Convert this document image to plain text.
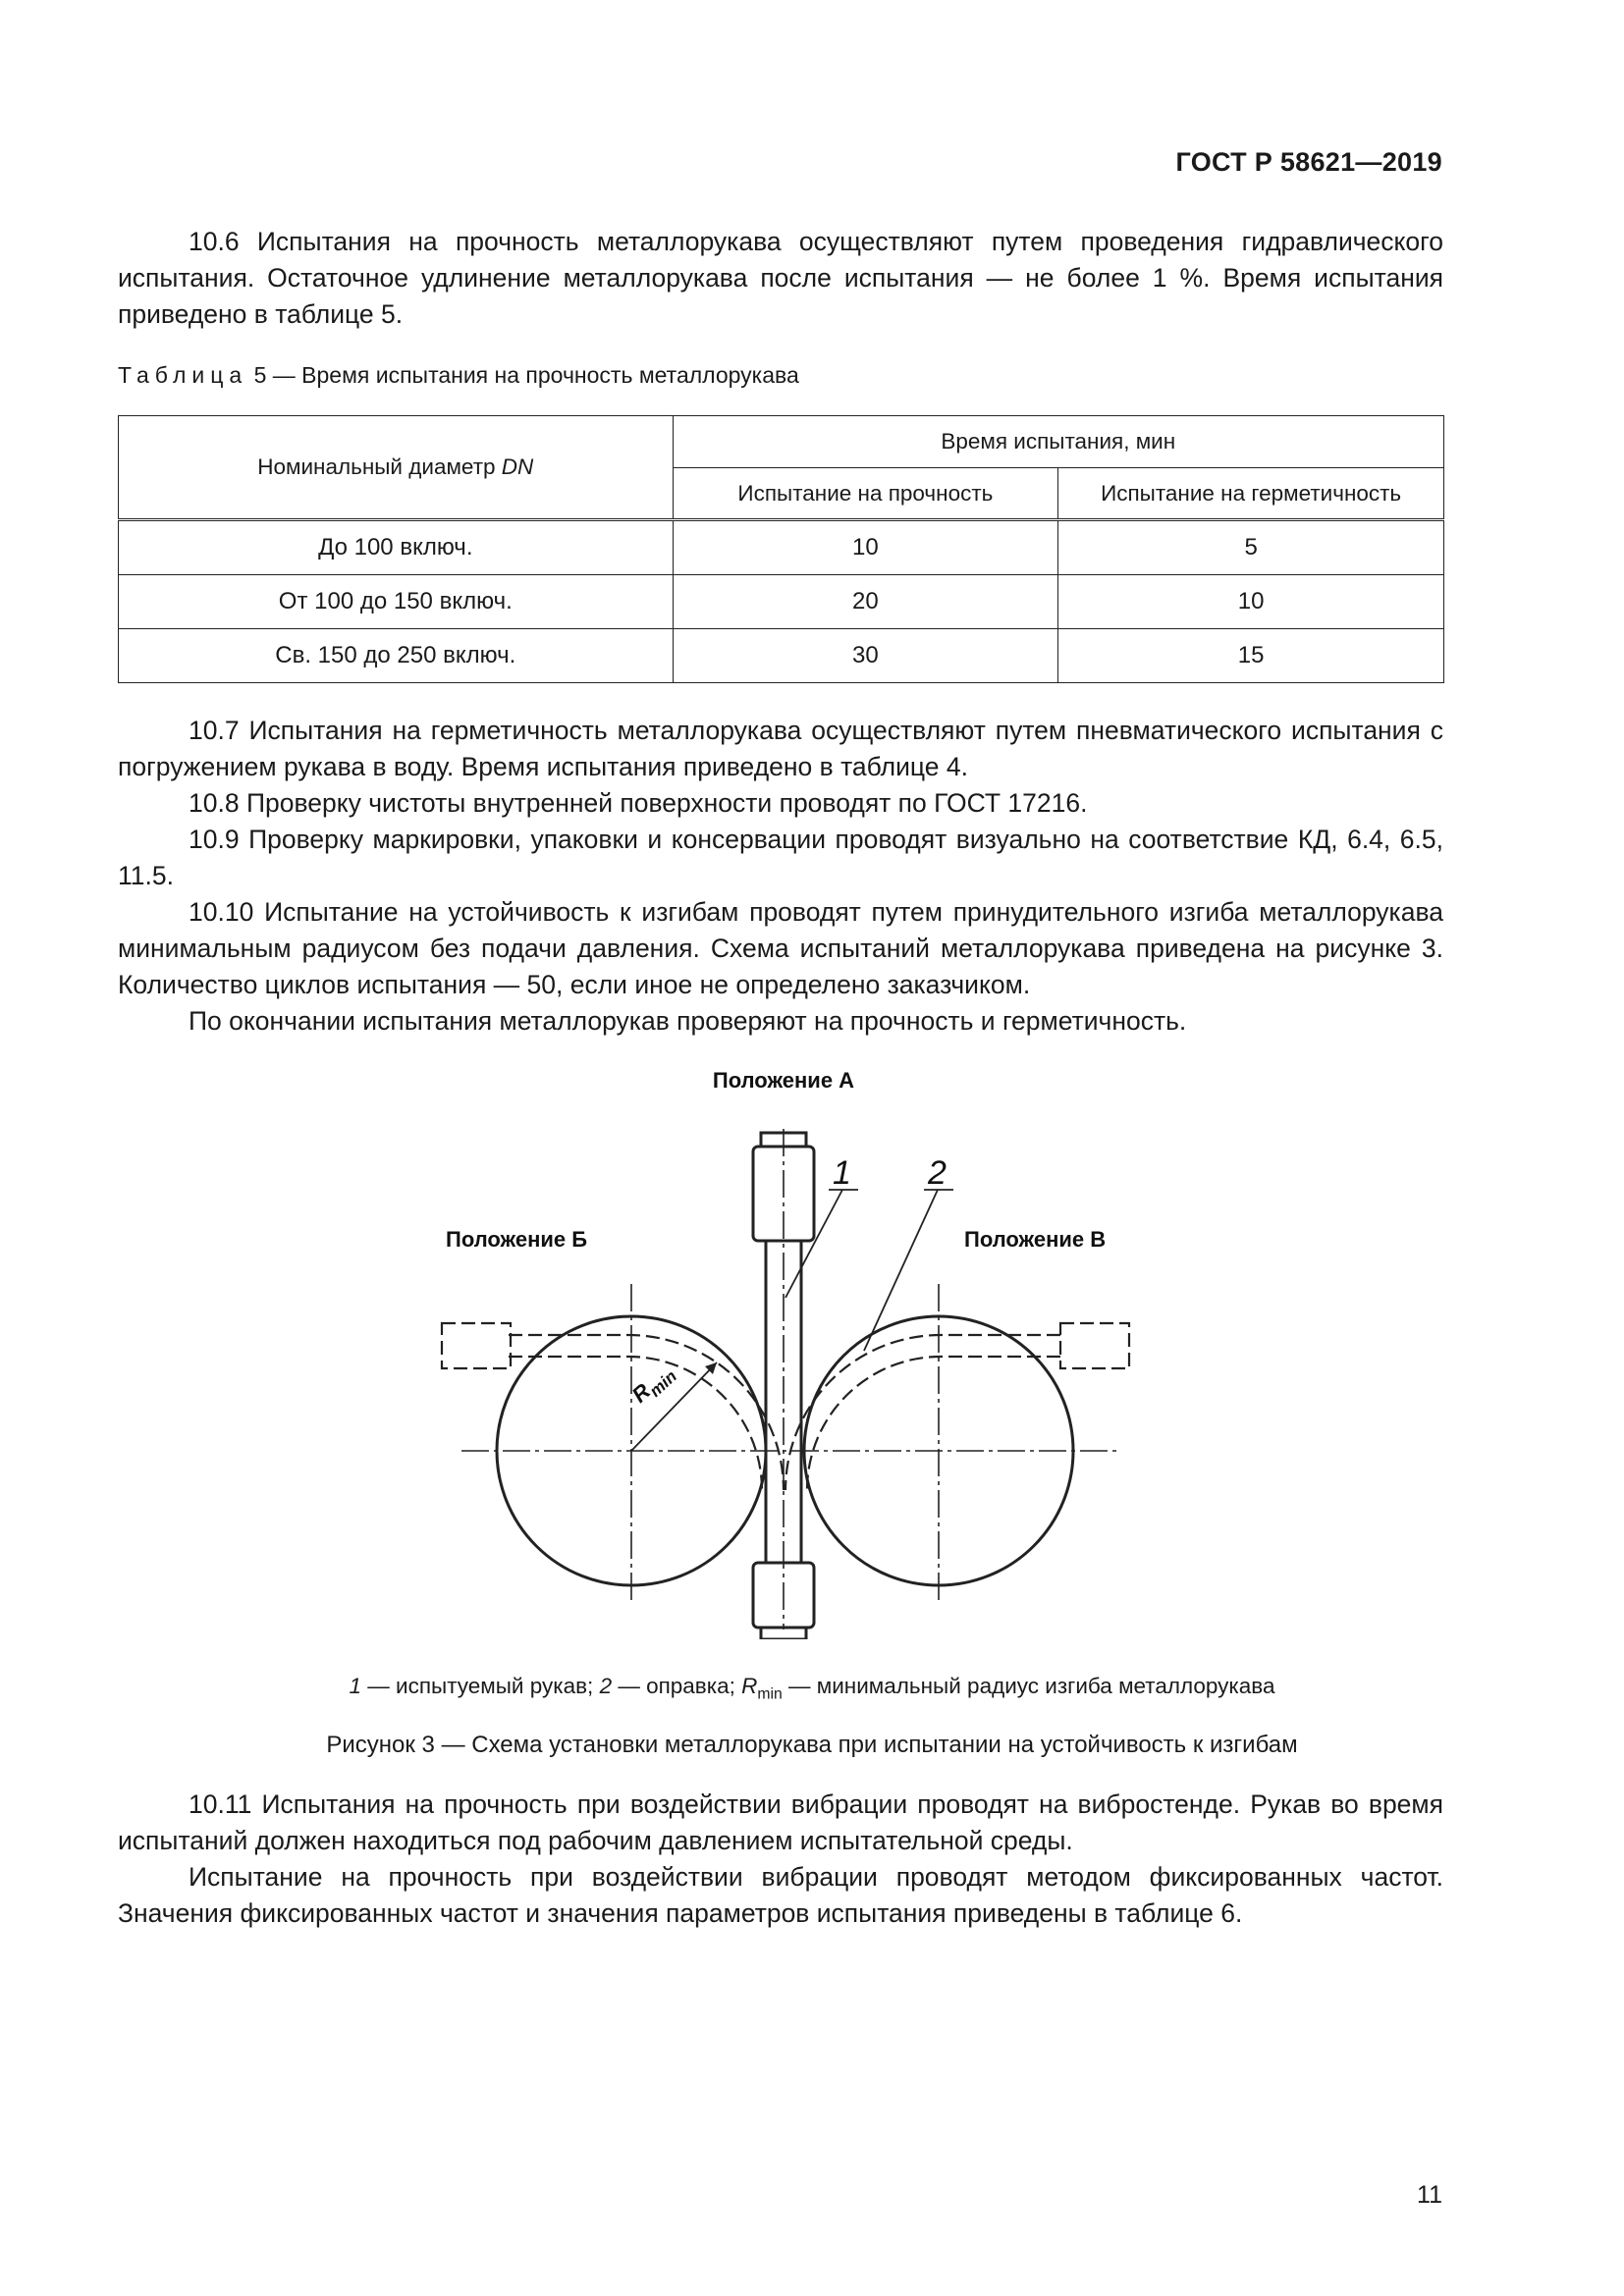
ГОСТ Р 58621—2019

10.6 Испытания на прочность металлорукава осуществляют путем проведения гидравлического испытания. Остаточное удлинение металлорукава после испытания — не более 1 %. Время испытания приведено в таблице 5.

Таблица 5 — Время испытания на прочность металлорукава
Номинальный диаметр DN	Время испытания, мин	
	Испытание на прочность	Испытание на герметичность
До 100 включ.	10	5
От 100 до 150 включ.	20	10
Св. 150 до 250 включ.	30	15

10.7 Испытания на герметичность металлорукава осуществляют путем пневматического испытания с погружением рукава в воду. Время испытания приведено в таблице 4.

10.8 Проверку чистоты внутренней поверхности проводят по ГОСТ 17216.

10.9 Проверку маркировки, упаковки и консервации проводят визуально на соответствие КД, 6.4, 6.5, 11.5.

10.10 Испытание на устойчивость к изгибам проводят путем принудительного изгиба металлорукава минимальным радиусом без подачи давления. Схема испытаний металлорукава приведена на рисунке 3. Количество циклов испытания — 50, если иное не определено заказчиком.

По окончании испытания металлорукав проверяют на прочность и герметичность.

$R_{min}$
1 2
Положение А
Положение Б	Положение В
1 — испытуемый рукав; 2 — оправка; $R_{min}$ — минимальный радиус изгиба металлорукава
Рисунок 3 — Схема установки металлорукава при испытании на устойчивость к изгибам

10.11 Испытания на прочность при воздействии вибрации проводят на вибростенде. Рукав во время испытаний должен находиться под рабочим давлением испытательной среды.

Испытание на прочность при воздействии вибрации проводят методом фиксированных частот. Значения фиксированных частот и значения параметров испытания приведены в таблице 6.

11
